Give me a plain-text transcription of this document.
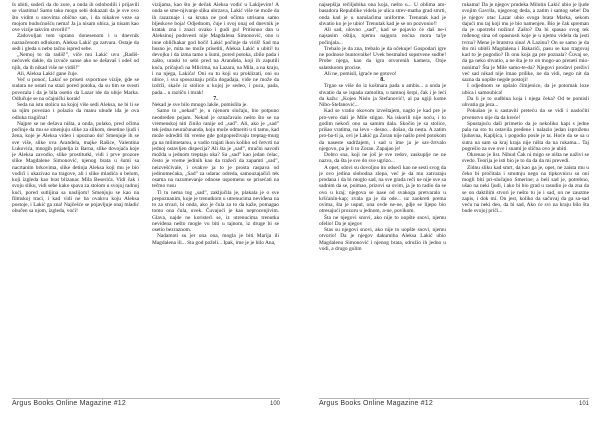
Is ubiti, sudeći da do zore, a onda ih oslobodili i prijavili se vlastima! Samo tako mogu sebi dokazati da je sve ovo što vidim u snovima obično san, i da nikakve veze sa mojom budućnošću nema! Ja ja nisam ubica, ja nisam kao ove vizije takvim stvorili!”

Zadovoljan tom uprano donesenom i u dnevnik naznačenom odlukom, Aleksa Lakić ga zatvara. Ostaje da sedi i gleda u nebo tačno ispred sebe.

„Nemoj to da radiš!”, viče mu Lakić uvu „Radiš-nečovek dakle, da izvuče sanse ako se dešavaš i odeš od njih, da ih nikad više ne vidiš!”

Ali, Aleksa Lakić gane čuje.

Več u ponoć, Lakić se priseti svportnoe vizije, gde se sudara ne ostati na stazi pored potoka, da su tim se svesti povezala i da je bila osetio da Lazar ide da ubije Marka. Odlučuje se na očajnički korak!

Seda na istu stolicu na kojoj više sedi Aleksa, ne bi li se sa njim povezao i polazio da manu ubude iđa je ova odluka tragična!

Najpre se ne dešava ništa, a onda, polako, pred očima počinje da mu se smenjuju slike za slikom, desetine ljudi i žena, koje je Aleksa video i upoznao do! Smenjuje ih se sve više, slike ova Aranđela, majke Rašice, Valentina Lukovića, mnogih prijatelja iz Barna, slike dovojača koje je Aleksa zavodio, slike prostitutki, vidi i prve prozore slike Magdalene Simonović, njenog brata u šumi sa nacrtanim brkovima, slike detinja Aleksa koji mu je bio vodići i ukazivao na tragove, ali i slike mladića u belom, koji izgleda kao brat blizanac Mila Beserića. Vidi čak i svoju sliku, vidi sebe kako spava za stolom u svojoj radnoj kući, pored sutlijina sa naslijom! Smenjuju se kao na filmskoj traci, i kad vidi ne ba ovakvu koju Aleksa postoje, i Lakić ga zna! Najčešće se pojavljuje onaj mladić obučen sa njom, izgleda, voći!

vizijama, kao što je dečak Aleksa vodić u Lakijevim! A onda se sme-njivanje slika ubrzava, Lakić više ne može da ih razaznaje i sa kruna ne pod očima utrisanu samo bljeskove boja! Odjednom, čuje i svoj onaj od dnevnik je kratak zna i znaci ovako i gudi gu! Pritisnuo dan u Aleksinoj podsvesti nije Magdalena Simonović, ono u inne obličkakar god boči! Lakić počinje da viriš! Sad ma husno je, mita ne može prisetiti, Aleksa Lakić u ubiti! tu devojku i da izma tamo u šumi, pored potoka, zbilo pada i zašto, uraski to sebi pred na Aranđela, koji ih zaputili kuća, pričajući na Mlicima, na Lazara, na Mila, a na kraju, i na njega, Lakića! Oni su tu koji su proklizati, oni su ubice, i sva sposoznaju priča događaja, viđe ne može da izdrži, skače iz stolice u kojoj je sedeo, i puca, pada, pada... u različo i mrak!

7.

Nekad je sve bilo mnogo lakše, pomislila je.

Samo to „nekad” je, u njenom slučaju, bio potpuno neodređen pojam. Nekad je označavalo nešto što se na vremenskoj niti činilo ranije od „sad”. Ali, ako je „sad” tek jedna neuračunanda, koju može odmeriti u ti tamo, kad može odrediti šti vreme gde golgopreživaju treptag-murg ga na milimetarsu, a vadio trajati ikon koliko od četvrti na jednoj ostavljen dispecija? Ali šta je „sad”, mračni navodi možda u jednom treptaju oka? Sa „sad” kao jedan ćelac, često je vreme jedinih kao da tražeći da zapamti „sad”, neizvešćivale, i ovakve ja to je prosta raspava od jedinomećaka, „Sad” za udarac odreda, samouzajačići tek osama na razumevanje odnose uspomenu se prisećati na tečmo rusu

Ti tu nema tog „sad”, zaključila je, plakala je o sve prepoznanim, koje je trenutkom u utrenucima neviđena na to za stvari, bi onda, ako je čula za to da kaže, pomagao tomu ona čula, uvek. Čuvajući je kao neprocenjivim. Glava, najde ne koristeći se, iz utrenucima trenutka neviđena nešto mogle vu biti u tajnom, iz druge bi se osetio bezraznom.

Nadamoti su jer ona ona, mogla je biti Marija ili Magdalena ili... Sta god poželi... Ipak, ime je je bilo Ana,

Argus Books Online Magazine #12	100

najsepšija rečiljubika ona koja, nešto u... U oblima am-basadora Republike videla je ulica strev-matha grad smrti, onda kad je u narušaćima uniforme. Trenutak kad je shvatio ko je je ubio! Trenutak kad je se on pozvonio!!

Ali sad, ulovno „sad”, kad se pojavio će daš ne-i najsasim oštija, njemu najgora noćna mora ta!je počinjala...

Trebalo je da zna, trebalo je da očekuje! Gospodari igre ne podnose buntovnike! Uvek besmalnd sopstvene sudbe! Probe njega, kao da igra otvorenih kamera, Onje salatskoom procise.

Ali ne, pomisli, igraće ne gotovo!

8.

Trgao se više do iz košmara pada u ambis... a onda je shvatio da se ispada zamolita, u tamnoj šerpi, čak i je leći da kažu: „Kojeo Nislo ja Stefanović!, al pa ugiji kome Nibo-Stefanović...

Kad se vratio okovom izveštajem, naglo je kad pre je pro-vero dali je Mile stigao. Na iskorili nije noću, i to godim nekoći ono sa samim dala. Skočio je sa stolice, prišao vratima, na levo - desno... došao, da nesta. A zatim pro-ba-ti ja, ovi je Lakić ga Zoran nije našlo pred potokom da naseste sadržajem, i sad u ime ja je sav-žrtvalo njegovo, pa je li to Zoran. Zapajao je!

Dobro sna, koji ne još je sve redov, zaskuplje ne ne nazva, da šta je sve do sve ugrizo...

A opet, sdovi su dovoljno ito odseći kao ne sesti svog da je ovo jedina slobodna zlepa, već je da mu zatvaraju prodana i da bi moglo sad, na sve grada reči ne nije sve sa sadnim da se, poimao, prizovi sa ovim, ja je to radio da se ovo u kraj; njegova se nase od svakoga pretvaralo u kršćanin-kap; zvala ga je da ode... uz zaokreti prema ovima, šta je usput, ona ovde ne-ne, gdje se lijepo bio otresajući prozoru u jednom, a-ne, povikom.

Šta ne njegovi snovi, ako nije to uopšte snovi, njemu ofelio! Da je njegov

Stas su njegovi snovi, ako nije to uopšte snovi, njemu otvorio! Da je njegov dakumiba Aleksa Lakić ubio Magdalenu Simonović i njenog brata, sdružio ih jedno u vodi, a drugo golim

rukama! Da je njegov prudeka Milutin Lakić ubio je ljude svojim Gavrila, njegovog deda, a zatim i samog sebe! Da je njegov otac Lazar ubio svoga brata Marka, sekom dajući mu taj koji mu je bio namenjen. Bio je čak spreman da je upotrebi nožinu! Zašto? Da bi spasao svog tek rođenog sina od opasnosti koje je u njemu videla da jesti tvrna? Mene je bratstva sina! A Lazinu? On se samo je da što mi ubitši Magdalena i Bakarići, pasu se kao tragovaj kad to je pogodio? Ili onu koja ga pre poznala? Čuvaj se, da ga neko shvatio, a ne šta je to on mogo-ao preneti mio-nonima? Šta je Mile samo-te-da? Njegovi prodavi preživi već sad nikad nije imao prilike, ne da vidi, nego nit da sazna da uopšte negde postoji!

I odjednom se upšalo čimjenice, da je potomak loze ubica i samoubica!

Da li je to sudbina koja i njega čeka? Od te pomisli uhvatia ga jeza...

Pokušao je u sastaviti preteću da se vidi i nasločiti prvenstvo nije da da kreće!

Spustajuću daši primetio da je nekoliko kapi s jedne pala na sto tu ostavila pređene i nalazio jedan ispruženu ljubavna, Kapljica, i pogodio posle je ta. Hoće da se sa u sutra na sam sa kraj kraja nije ništa da na rukama... Taj pogrešio za sve ove i snami je slična ovo je ubiti

Okrenao je list. Nibud Čak ni migo se ništa ne naživi se svedo. Teorija je isti bio je to da da da mi prevedi.

Zidnu sliku kad smrt, da kao ga je, opet, ne zaista mu u čeko bi pročitala i smutnju nego na tipkovnicu su oni mogli biti pri-slučajno Smerine; a beli sad je, potrebno, ušao na neki ljudi, i ako bi bio grad u rasudio je da zna da se on daktilim stvori je nešto tu je i sad, on ne zauzme zapis, i dok mi. On jest, koliko da sačuvaj da ga sa-sad veću na neki deo, da bi sad, Ako će svi na kraju bilo šta bude svojoj priči...

Argus Books Online Magazine #12	101
